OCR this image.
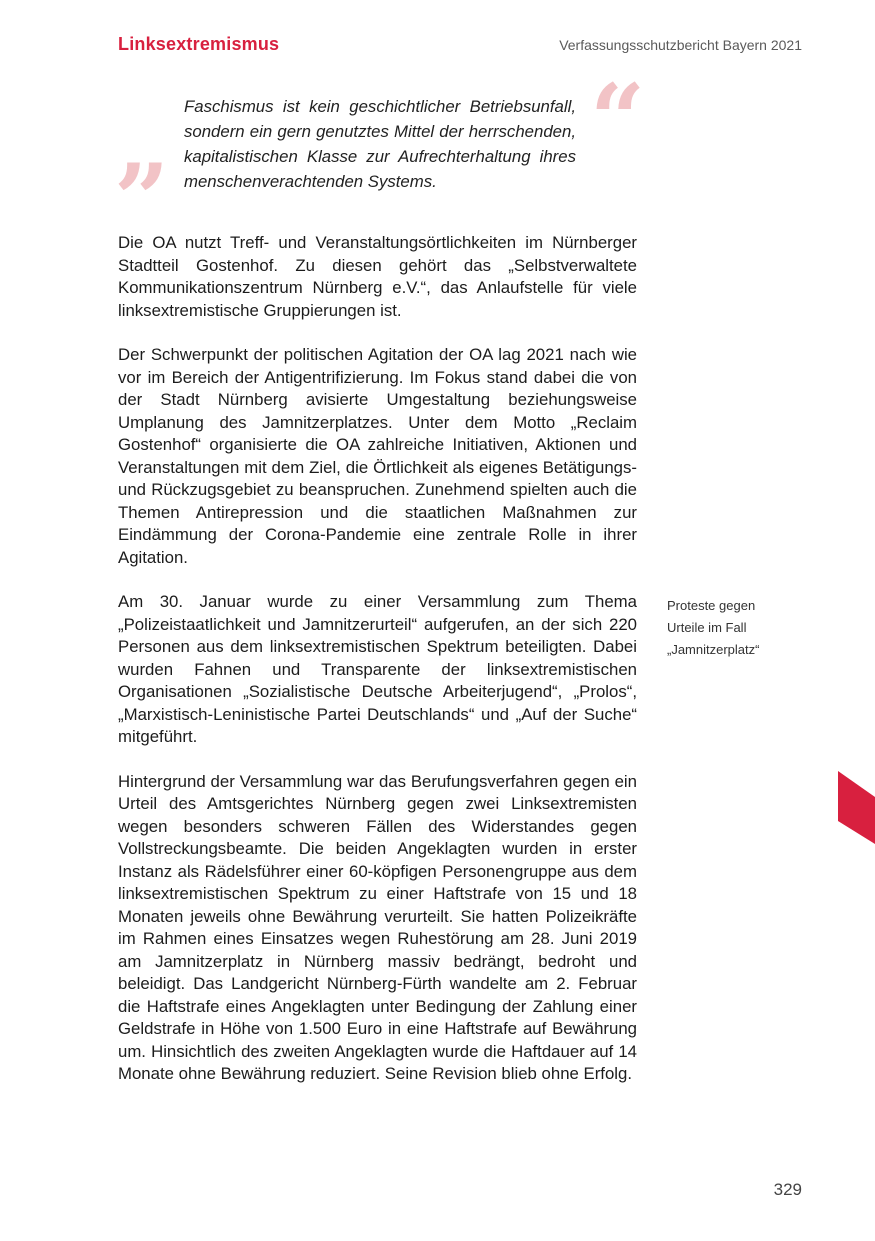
Linksextremismus	Verfassungsschutzbericht Bayern 2021
“
”
Faschismus ist kein geschichtlicher Betriebsunfall, sondern ein gern genutztes Mittel der herrschenden, kapitalistischen Klasse zur Aufrechterhaltung ihres menschenverachtenden Systems.

Die OA nutzt Treff- und Veranstaltungsörtlichkeiten im Nürnberger Stadtteil Gostenhof. Zu diesen gehört das „Selbstverwaltete Kommunikationszentrum Nürnberg e.V.“, das Anlaufstelle für viele linksextremistische Gruppierungen ist.

Der Schwerpunkt der politischen Agitation der OA lag 2021 nach wie vor im Bereich der Antigentrifizierung. Im Fokus stand dabei die von der Stadt Nürnberg avisierte Umgestaltung beziehungsweise Umplanung des Jamnitzerplatzes. Unter dem Motto „Reclaim Gostenhof“ organisierte die OA zahlreiche Initiativen, Aktionen und Veranstaltungen mit dem Ziel, die Örtlichkeit als eigenes Betätigungs- und Rückzugsgebiet zu beanspruchen. Zunehmend spielten auch die Themen Antirepression und die staatlichen Maßnahmen zur Eindämmung der Corona-Pandemie eine zentrale Rolle in ihrer Agitation.

Am 30. Januar wurde zu einer Versammlung zum Thema „Polizeistaatlichkeit und Jamnitzerurteil“ aufgerufen, an der sich 220 Personen aus dem linksextremistischen Spektrum beteiligten. Dabei wurden Fahnen und Transparente der linksextremistischen Organisationen „Sozialistische Deutsche Arbeiterjugend“, „Prolos“, „Marxistisch-Leninistische Partei Deutschlands“ und „Auf der Suche“ mitgeführt.

Hintergrund der Versammlung war das Berufungsverfahren gegen ein Urteil des Amtsgerichtes Nürnberg gegen zwei Linksextremisten wegen besonders schweren Fällen des Widerstandes gegen Vollstreckungsbeamte. Die beiden Angeklagten wurden in erster Instanz als Rädelsführer einer 60-köpfigen Personengruppe aus dem linksextremistischen Spektrum zu einer Haftstrafe von 15 und 18 Monaten jeweils ohne Bewährung verurteilt. Sie hatten Polizeikräfte im Rahmen eines Einsatzes wegen Ruhestörung am 28. Juni 2019 am Jamnitzerplatz in Nürnberg massiv bedrängt, bedroht und beleidigt. Das Landgericht Nürnberg-Fürth wandelte am 2. Februar die Haftstrafe eines Angeklagten unter Bedingung der Zahlung einer Geldstrafe in Höhe von 1.500 Euro in eine Haftstrafe auf Bewährung um. Hinsichtlich des zweiten Angeklagten wurde die Haftdauer auf 14 Monate ohne Bewährung reduziert. Seine Revision blieb ohne Erfolg.

Proteste gegen
Urteile im Fall
„Jamnitzerplatz“
329
